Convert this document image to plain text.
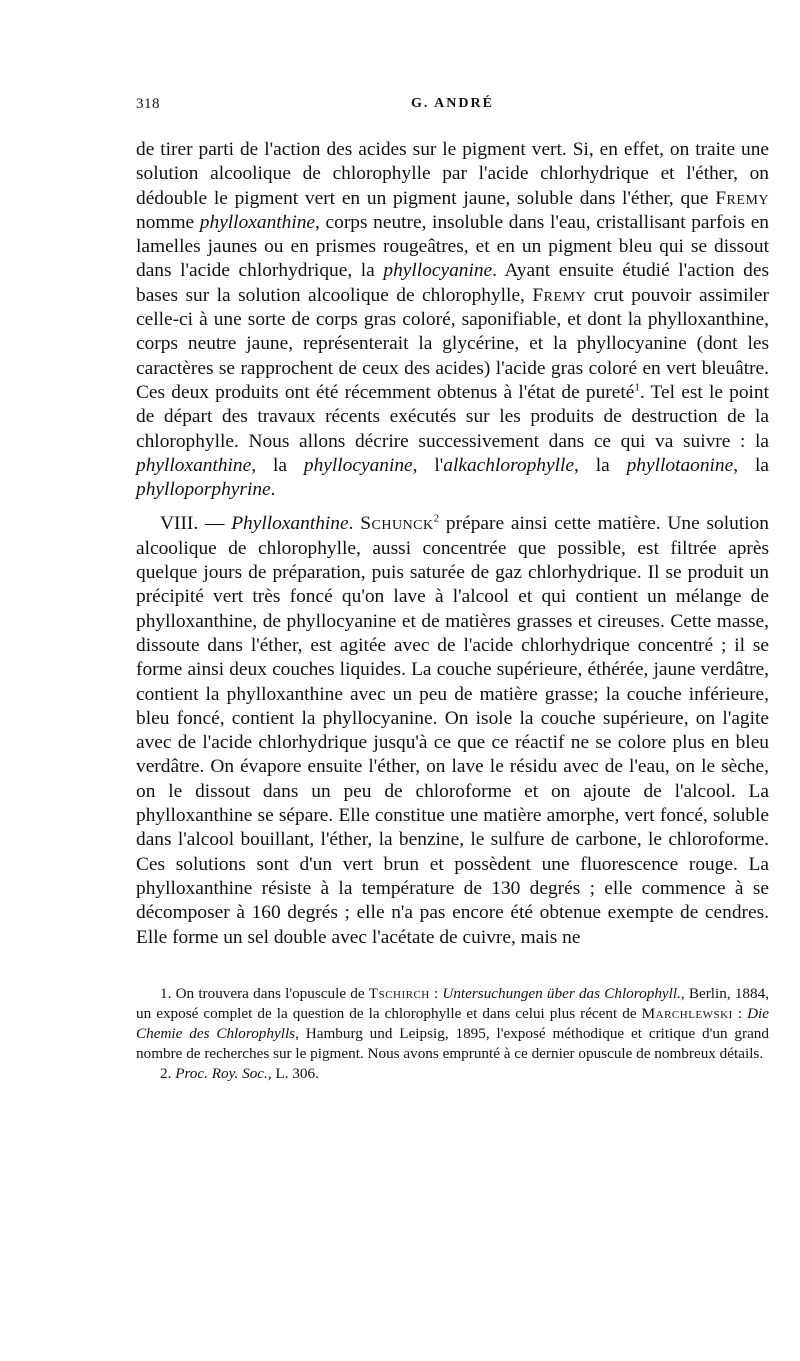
318	G. ANDRÉ

de tirer parti de l'action des acides sur le pigment vert. Si, en effet, on traite une solution alcoolique de chlorophylle par l'acide chlorhydrique et l'éther, on dédouble le pigment vert en un pigment jaune, soluble dans l'éther, que Fremy nomme phylloxanthine, corps neutre, insoluble dans l'eau, cristallisant parfois en lamelles jaunes ou en prismes rougeâtres, et en un pigment bleu qui se dissout dans l'acide chlorhydrique, la phyllocyanine. Ayant ensuite étudié l'action des bases sur la solution alcoolique de chlorophylle, Fremy crut pouvoir assimiler celle-ci à une sorte de corps gras coloré, saponifiable, et dont la phylloxanthine, corps neutre jaune, représenterait la glycérine, et la phyllocyanine (dont les caractères se rapprochent de ceux des acides) l'acide gras coloré en vert bleuâtre. Ces deux produits ont été récemment obtenus à l'état de pureté$^1$. Tel est le point de départ des travaux récents exécutés sur les produits de destruction de la chlorophylle. Nous allons décrire successivement dans ce qui va suivre : la phylloxanthine, la phyllocyanine, l'alkachlorophylle, la phyllotaonine, la phylloporphyrine.

VIII. — Phylloxanthine. Schunck$^2$ prépare ainsi cette matière. Une solution alcoolique de chlorophylle, aussi concentrée que possible, est filtrée après quelque jours de préparation, puis saturée de gaz chlorhydrique. Il se produit un précipité vert très foncé qu'on lave à l'alcool et qui contient un mélange de phylloxanthine, de phyllocyanine et de matières grasses et cireuses. Cette masse, dissoute dans l'éther, est agitée avec de l'acide chlorhydrique concentré ; il se forme ainsi deux couches liquides. La couche supérieure, éthérée, jaune verdâtre, contient la phylloxanthine avec un peu de matière grasse; la couche inférieure, bleu foncé, contient la phyllocyanine. On isole la couche supérieure, on l'agite avec de l'acide chlorhydrique jusqu'à ce que ce réactif ne se colore plus en bleu verdâtre. On évapore ensuite l'éther, on lave le résidu avec de l'eau, on le sèche, on le dissout dans un peu de chloroforme et on ajoute de l'alcool. La phylloxanthine se sépare. Elle constitue une matière amorphe, vert foncé, soluble dans l'alcool bouillant, l'éther, la benzine, le sulfure de carbone, le chloroforme. Ces solutions sont d'un vert brun et possèdent une fluorescence rouge. La phylloxanthine résiste à la température de 130 degrés ; elle commence à se décomposer à 160 degrés ; elle n'a pas encore été obtenue exempte de cendres. Elle forme un sel double avec l'acétate de cuivre, mais ne

1. On trouvera dans l'opuscule de Tschirch : Untersuchungen über das Chlorophyll., Berlin, 1884, un exposé complet de la question de la chlorophylle et dans celui plus récent de Marchlewski : Die Chemie des Chlorophylls, Hamburg und Leipsig, 1895, l'exposé méthodique et critique d'un grand nombre de recherches sur le pigment. Nous avons emprunté à ce dernier opuscule de nombreux détails.

2. Proc. Roy. Soc., L. 306.
